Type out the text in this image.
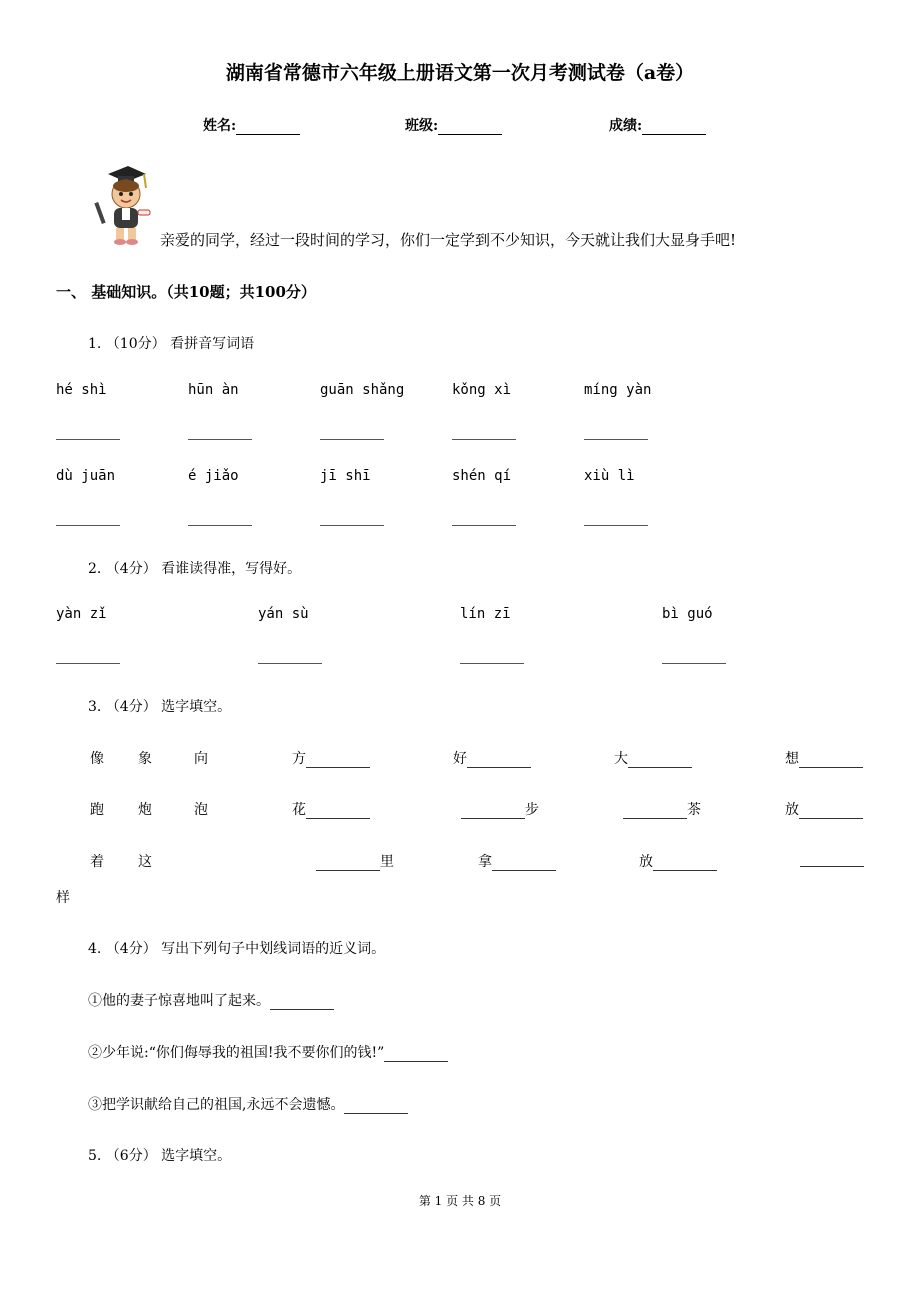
湖南省常德市六年级上册语文第一次月考测试卷（a卷）
姓名:	班级:	成绩:
亲爱的同学，经过一段时间的学习，你们一定学到不少知识，今天就让我们大显身手吧!
一、 基础知识。（共10题；共100分）
1. （10分） 看拼音写词语
hé shì	hūn àn	guān shǎng	kǒng xì	míng yàn
dù juān	é jiǎo	jī shī	shén qí	xiù lì
2. （4分） 看谁读得准，写得好。
yàn zǐ	yán sù	lín zī	bì guó
3. （4分） 选字填空。
像 象	向	方	好	大	想
跑 炮	泡	花	步	茶	放
着 这	里	拿	放
样
4. （4分） 写出下列句子中划线词语的近义词。
①他的妻子惊喜地叫了起来。
②少年说:“你们侮辱我的祖国!我不要你们的钱!”
③把学识献给自己的祖国,永远不会遗憾。
5. （6分） 选字填空。
第 1 页 共 8 页
